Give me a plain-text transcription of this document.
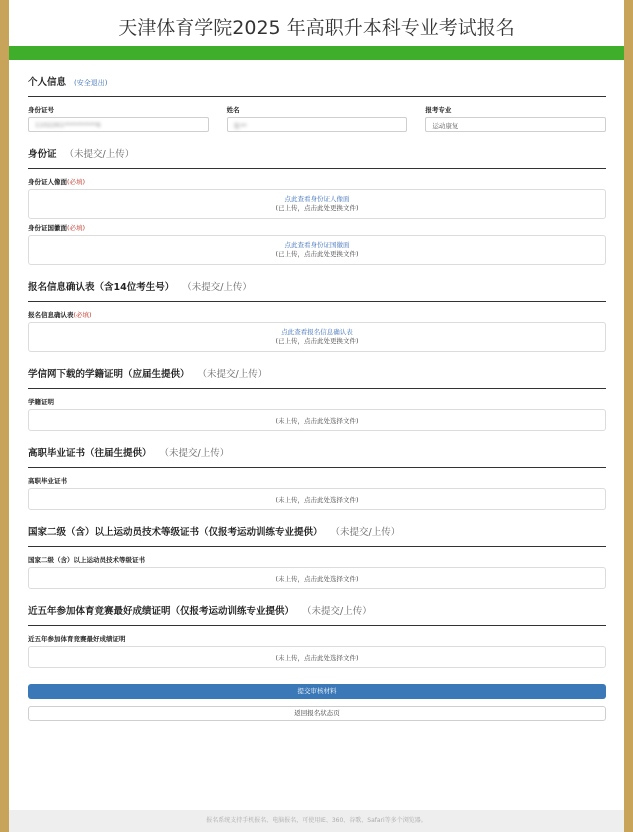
天津体育学院2025 年高职升本科专业考试报名
个人信息 (安全退出)
身份证号
1102261**********6
姓名
张**
报考专业
运动康复
身份证 （未提交/上传）
身份证人像面(必填)
点此查看身份证人像面
(已上传，点击此处更换文件)
身份证国徽面(必填)
点此查看身份证国徽面
(已上传，点击此处更换文件)
报名信息确认表（含14位考生号） （未提交/上传）
报名信息确认表(必填)
点此查看报名信息确认表
(已上传，点击此处更换文件)
学信网下载的学籍证明（应届生提供） （未提交/上传）
学籍证明
(未上传，点击此处选择文件)
高职毕业证书（往届生提供） （未提交/上传）
高职毕业证书
(未上传，点击此处选择文件)
国家二级（含）以上运动员技术等级证书（仅报考运动训练专业提供） （未提交/上传）
国家二级（含）以上运动员技术等级证书
(未上传，点击此处选择文件)
近五年参加体育竞赛最好成绩证明（仅报考运动训练专业提供） （未提交/上传）
近五年参加体育竞赛最好成绩证明
(未上传，点击此处选择文件)
提交审核材料
返回报名状态页
报名系统支持手机报名、电脑报名，可使用IE、360、谷歌、Safari等多个浏览器。
